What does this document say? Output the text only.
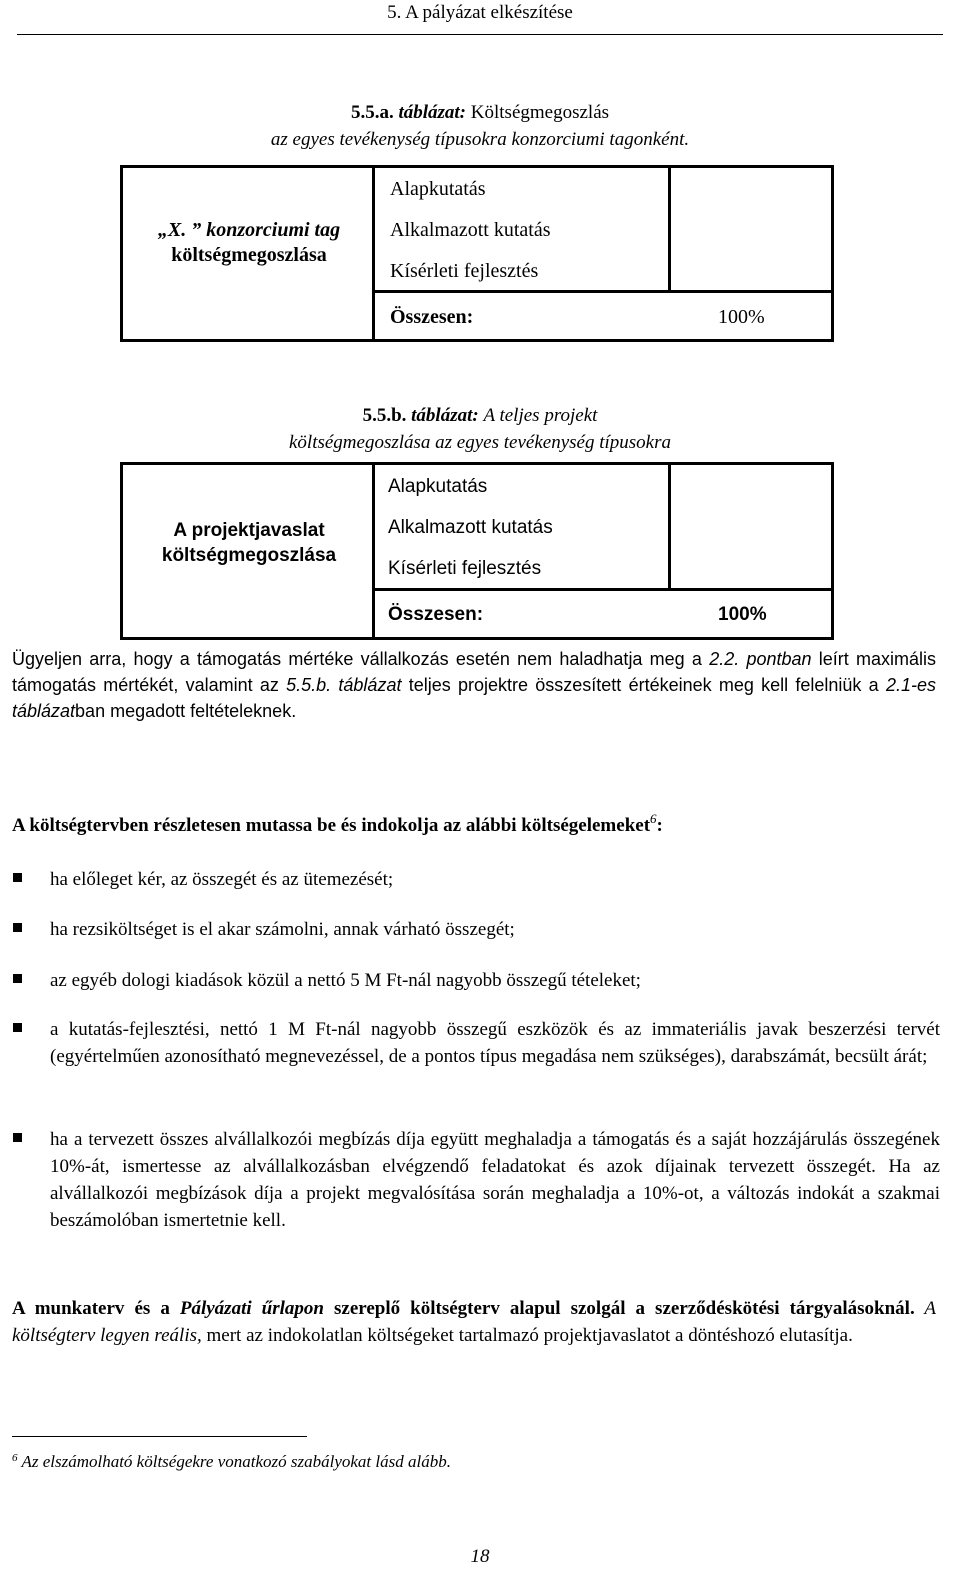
5. A pályázat elkészítése
5.5.a. táblázat: Költségmegoszlás
az egyes tevékenység típusokra konzorciumi tagonként.
„X. ” konzorciumi tag
költségmegoszlása
Alapkutatás
Alkalmazott kutatás
Kísérleti fejlesztés
Összesen:	100%
5.5.b. táblázat: A teljes projekt
költségmegoszlása az egyes tevékenység típusokra
A projektjavaslat
költségmegoszlása
Alapkutatás
Alkalmazott kutatás
Kísérleti fejlesztés
Összesen:	100%
Ügyeljen arra, hogy a támogatás mértéke vállalkozás esetén nem haladhatja meg a 2.2. pontban leírt maximális támogatás mértékét, valamint az 5.5.b. táblázat teljes projektre összesített értékeinek meg kell felelniük a 2.1-es táblázatban megadott feltételeknek.
A költségtervben részletesen mutassa be és indokolja az alábbi költségelemeket$^6$:
ha előleget kér, az összegét és az ütemezését;
ha rezsiköltséget is el akar számolni, annak várható összegét;
az egyéb dologi kiadások közül a nettó 5 M Ft-nál nagyobb összegű tételeket;
a kutatás-fejlesztési, nettó 1 M Ft-nál nagyobb összegű eszközök és az immateriális javak beszerzési tervét (egyértelműen azonosítható megnevezéssel, de a pontos típus megadása nem szükséges), darabszámát, becsült árát;
ha a tervezett összes alvállalkozói megbízás díja együtt meghaladja a támogatás és a saját hozzájárulás összegének 10%-át, ismertesse az alvállalkozásban elvégzendő feladatokat és azok díjainak tervezett összegét. Ha az alvállalkozói megbízások díja a projekt megvalósítása során meghaladja a 10%-ot, a változás indokát a szakmai beszámolóban ismertetnie kell.
A munkaterv és a Pályázati űrlapon szereplő költségterv alapul szolgál a szerződéskötési tárgyalásoknál. A költségterv legyen reális, mert az indokolatlan költségeket tartalmazó projektjavaslatot a döntéshozó elutasítja.
$^6$ Az elszámolható költségekre vonatkozó szabályokat lásd alább.
18
